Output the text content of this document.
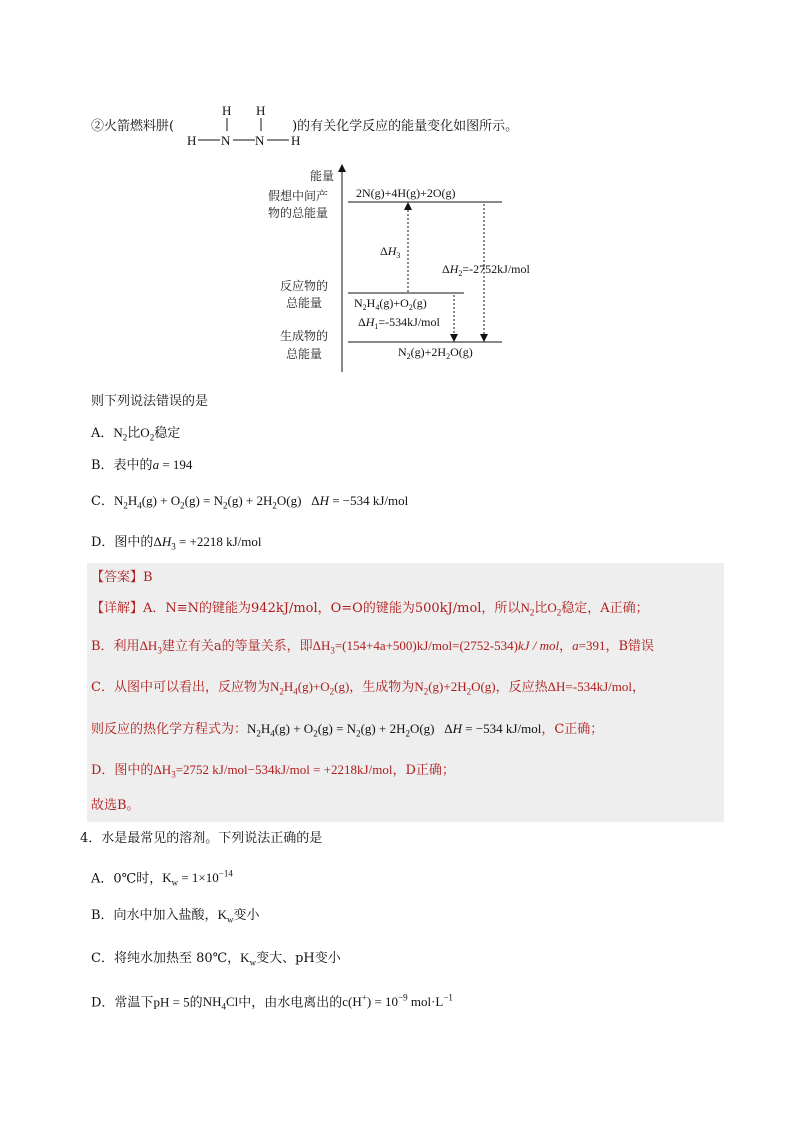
②火箭燃料肼(	)的有关化学反应的能量变化如图所示。
H H
H N N H
能量
假想中间产
物的总能量
反应物的
总能量
生成物的
总能量
2N(g)+4H(g)+2O(g)
$N_2H_4(g)+O_2(g)$
$N_2(g)+2H_2O(g)$
$\Delta H_3$
$\Delta H_2=-2752kJ$/mol
$\Delta H_1=-534kJ$/mol
则下列说法错误的是
A．$N_2$比$O_2$稳定
B．表中的a = 194
C．$N_2H_4(g) + O_2(g) = N_2(g) + 2H_2O(g) \Delta H = -534$ kJ/mol
D．图中的$\Delta H_3 = +2218$ kJ/mol
【答案】B
【详解】A．N≡N的键能为942kJ/mol，O=O的键能为500kJ/mol，所以$N_2$比$O_2$稳定，A正确；
B．利用$\Delta H_3$建立有关a的等量关系，即$\Delta H_3=(154+4a+500)kJ/mol=(2752-534)kJ$ / mol，a=391，B错误
C．从图中可以看出，反应物为$N_2H_4(g)+O_2(g)$，生成物为$N_2(g)+2H_2O(g)$，反应热ΔH=-534kJ/mol，
则反应的热化学方程式为：$N_2H_4(g) + O_2(g) = N_2(g) + 2H_2O(g) \Delta H = -534$ kJ/mol，C正确；
D．图中的$\Delta H_3=2752$ kJ/mol−534kJ/mol = +2218kJ/mol，D正确；
故选B。
4．水是最常见的溶剂。下列说法正确的是
A．0℃时，$K_w = 1\times 10^{-14}$
B．向水中加入盐酸，$K_w$变小
C．将纯水加热至 80℃，$K_w$变大、pH变小
D．常温下pH = 5的$NH_4Cl$中，由水电离出的$c(H^+) = 10^{-9}$ $mol\cdot L^{-1}$
